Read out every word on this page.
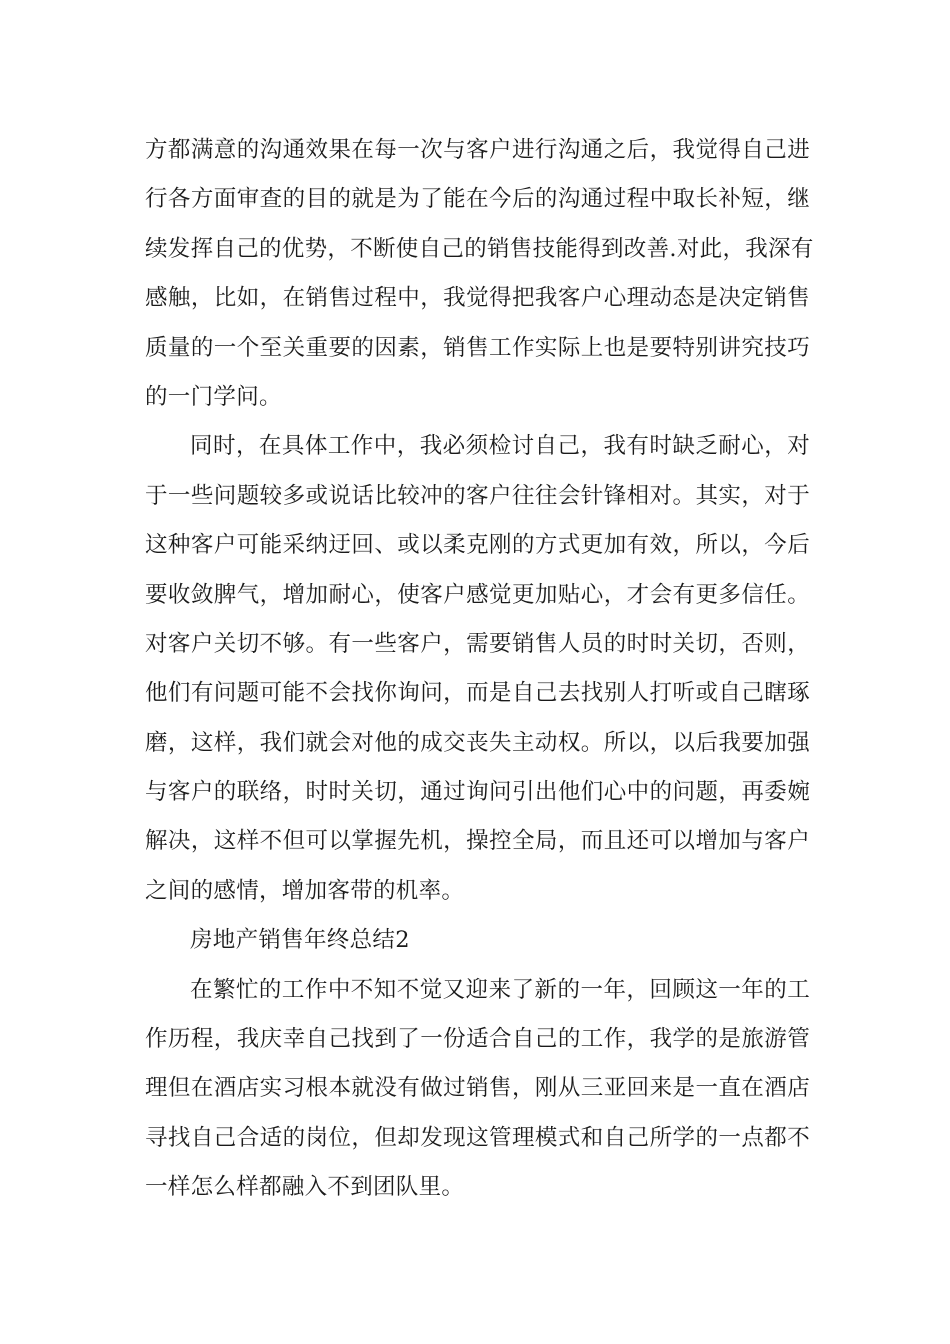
方都满意的沟通效果在每一次与客户进行沟通之后，我觉得自己进
行各方面审查的目的就是为了能在今后的沟通过程中取长补短，继
续发挥自己的优势，不断使自己的销售技能得到改善.对此，我深有
感触，比如，在销售过程中，我觉得把我客户心理动态是决定销售
质量的一个至关重要的因素，销售工作实际上也是要特别讲究技巧
的一门学问。
同时，在具体工作中，我必须检讨自己，我有时缺乏耐心，对
于一些问题较多或说话比较冲的客户往往会针锋相对。其实，对于
这种客户可能采纳迂回、或以柔克刚的方式更加有效，所以，今后
要收敛脾气，增加耐心，使客户感觉更加贴心，才会有更多信任。
对客户关切不够。有一些客户，需要销售人员的时时关切，否则，
他们有问题可能不会找你询问，而是自己去找别人打听或自己瞎琢
磨，这样，我们就会对他的成交丧失主动权。所以，以后我要加强
与客户的联络，时时关切，通过询问引出他们心中的问题，再委婉
解决，这样不但可以掌握先机，操控全局，而且还可以增加与客户
之间的感情，增加客带的机率。
房地产销售年终总结2
在繁忙的工作中不知不觉又迎来了新的一年，回顾这一年的工
作历程，我庆幸自己找到了一份适合自己的工作，我学的是旅游管
理但在酒店实习根本就没有做过销售，刚从三亚回来是一直在酒店
寻找自己合适的岗位，但却发现这管理模式和自己所学的一点都不
一样怎么样都融入不到团队里。
